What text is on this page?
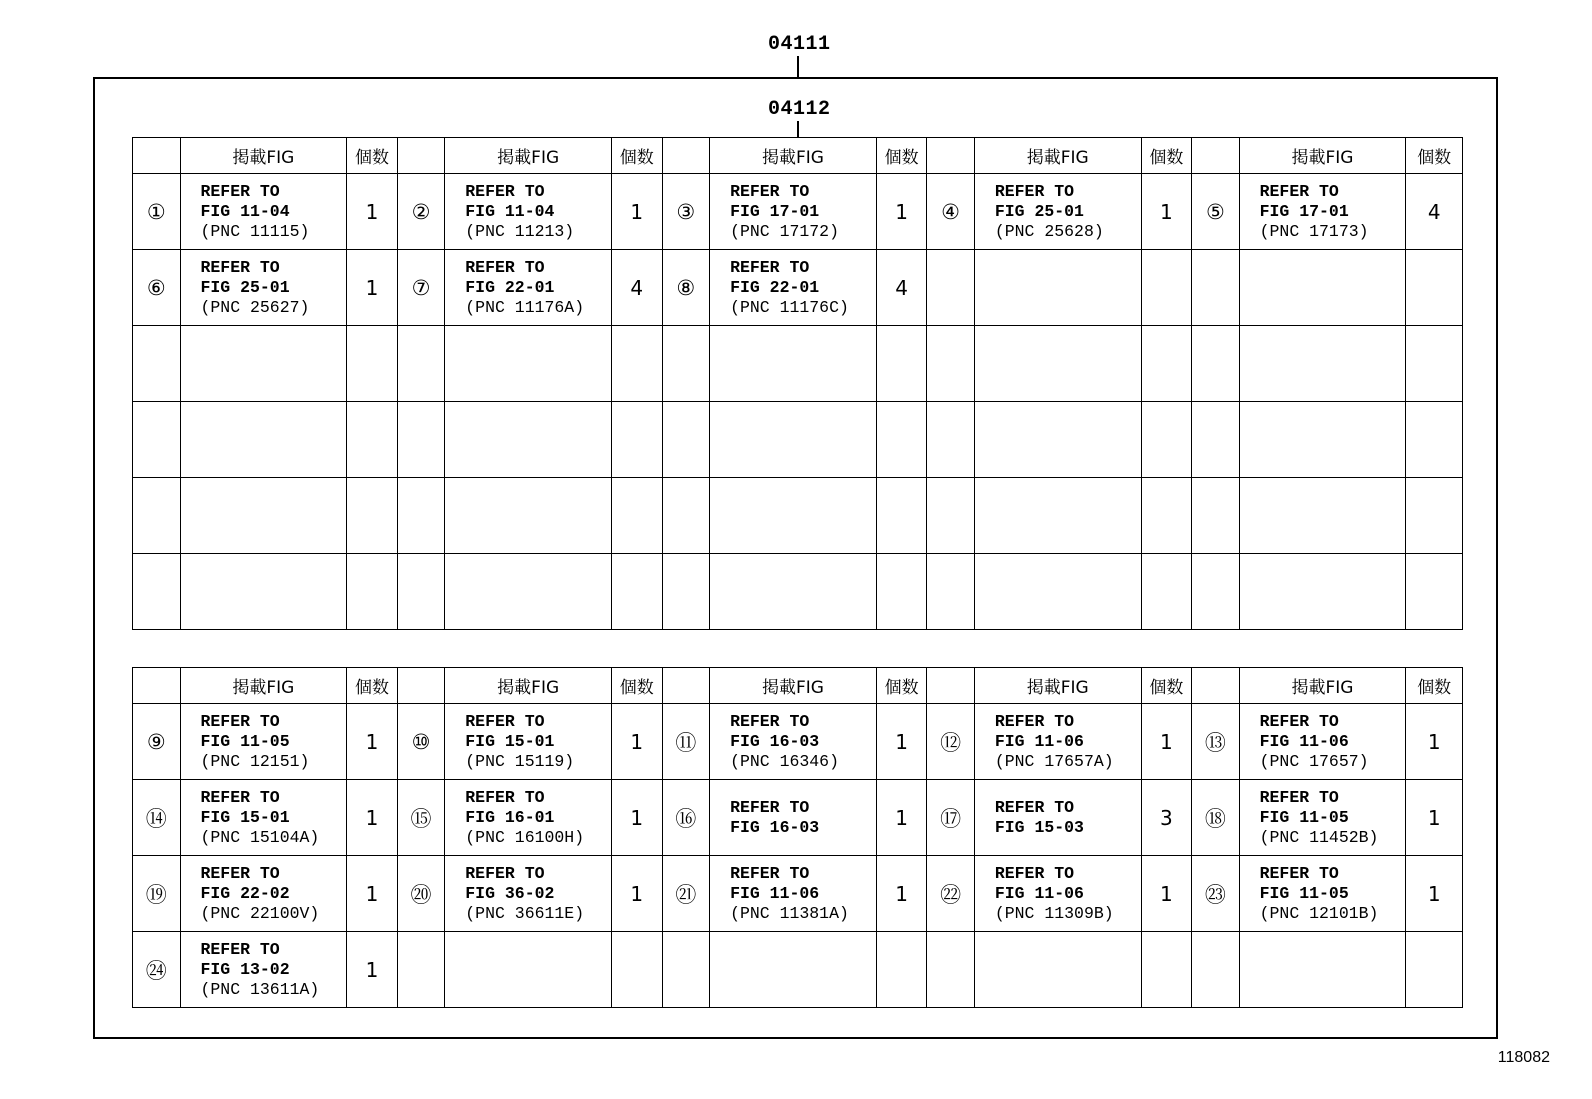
04111
04112
	掲載FIG	個数		掲載FIG	個数		掲載FIG	個数		掲載FIG	個数		掲載FIG	個数
①	REFER TO
FIG 11-04
(PNC 11115)	1	②	REFER TO
FIG 11-04
(PNC 11213)	1	③	REFER TO
FIG 17-01
(PNC 17172)	1	④	REFER TO
FIG 25-01
(PNC 25628)	1	⑤	REFER TO
FIG 17-01
(PNC 17173)	4
⑥	REFER TO
FIG 25-01
(PNC 25627)	1	⑦	REFER TO
FIG 22-01
(PNC 11176A)	4	⑧	REFER TO
FIG 22-01
(PNC 11176C)	4						

	掲載FIG	個数		掲載FIG	個数		掲載FIG	個数		掲載FIG	個数		掲載FIG	個数
⑨	REFER TO
FIG 11-05
(PNC 12151)	1	⑩	REFER TO
FIG 15-01
(PNC 15119)	1	⑪	REFER TO
FIG 16-03
(PNC 16346)	1	⑫	REFER TO
FIG 11-06
(PNC 17657A)	1	⑬	REFER TO
FIG 11-06
(PNC 17657)	1
⑭	REFER TO
FIG 15-01
(PNC 15104A)	1	⑮	REFER TO
FIG 16-01
(PNC 16100H)	1	⑯	REFER TO
FIG 16-03	1	⑰	REFER TO
FIG 15-03	3	⑱	REFER TO
FIG 11-05
(PNC 11452B)	1
⑲	REFER TO
FIG 22-02
(PNC 22100V)	1	⑳	REFER TO
FIG 36-02
(PNC 36611E)	1	㉑	REFER TO
FIG 11-06
(PNC 11381A)	1	㉒	REFER TO
FIG 11-06
(PNC 11309B)	1	㉓	REFER TO
FIG 11-05
(PNC 12101B)	1
㉔	REFER TO
FIG 13-02
(PNC 13611A)	1												
118082
